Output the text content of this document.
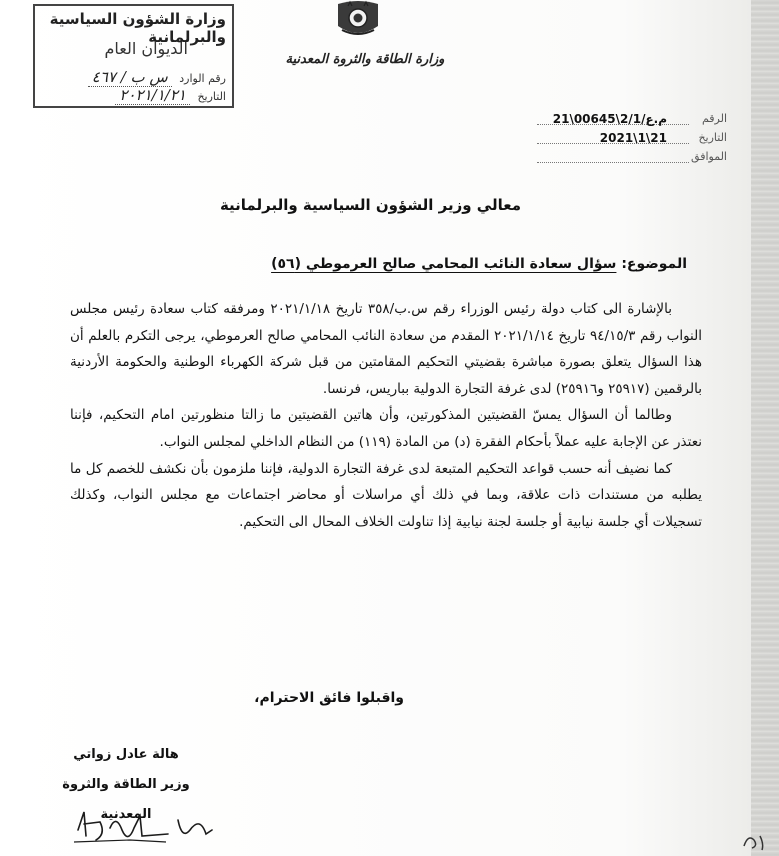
وزارة الشؤون السياسية والبرلمانية
الديوان العام
رقم الوارد س ب / ٤٦٧
التاريخ ٢٠٢١/١/٢١
وزارة الطاقة والثروة المعدنية
الرقم
م.ع/2/1\00645\21
التاريخ
2021\1\21
الموافق
معالي وزير الشؤون السياسية والبرلمانية
الموضوع: سؤال سعادة النائب المحامي صالح العرموطي (٥٦)

بالإشارة الى كتاب دولة رئيس الوزراء رقم س.ب/٣٥٨ تاريخ ٢٠٢١/١/١٨ ومرفقه كتاب سعادة رئيس مجلس النواب رقم ٩٤/١٥/٣ تاريخ ٢٠٢١/١/١٤ المقدم من سعادة النائب المحامي صالح العرموطي، يرجى التكرم بالعلم أن هذا السؤال يتعلق بصورة مباشرة بقضيتي التحكيم المقامتين من قبل شركة الكهرباء الوطنية والحكومة الأردنية بالرقمين (٢٥٩١٧ و٢٥٩١٦) لدى غرفة التجارة الدولية بباريس، فرنسا.

وطالما أن السؤال يمسّ القضيتين المذكورتين، وأن هاتين القضيتين ما زالتا منظورتين امام التحكيم، فإننا نعتذر عن الإجابة عليه عملاً بأحكام الفقرة (د) من المادة (١١٩) من النظام الداخلي لمجلس النواب.

كما نضيف أنه حسب قواعد التحكيم المتبعة لدى غرفة التجارة الدولية، فإننا ملزمون بأن نكشف للخصم كل ما يطلبه من مستندات ذات علاقة، وبما في ذلك أي مراسلات أو محاضر اجتماعات مع مجلس النواب، وكذلك تسجيلات أي جلسة نيابية أو جلسة لجنة نيابية إذا تناولت الخلاف المحال الى التحكيم.

واقبلوا فائق الاحترام،
هالة عادل زواتي
وزير الطاقة والثروة المعدنية
